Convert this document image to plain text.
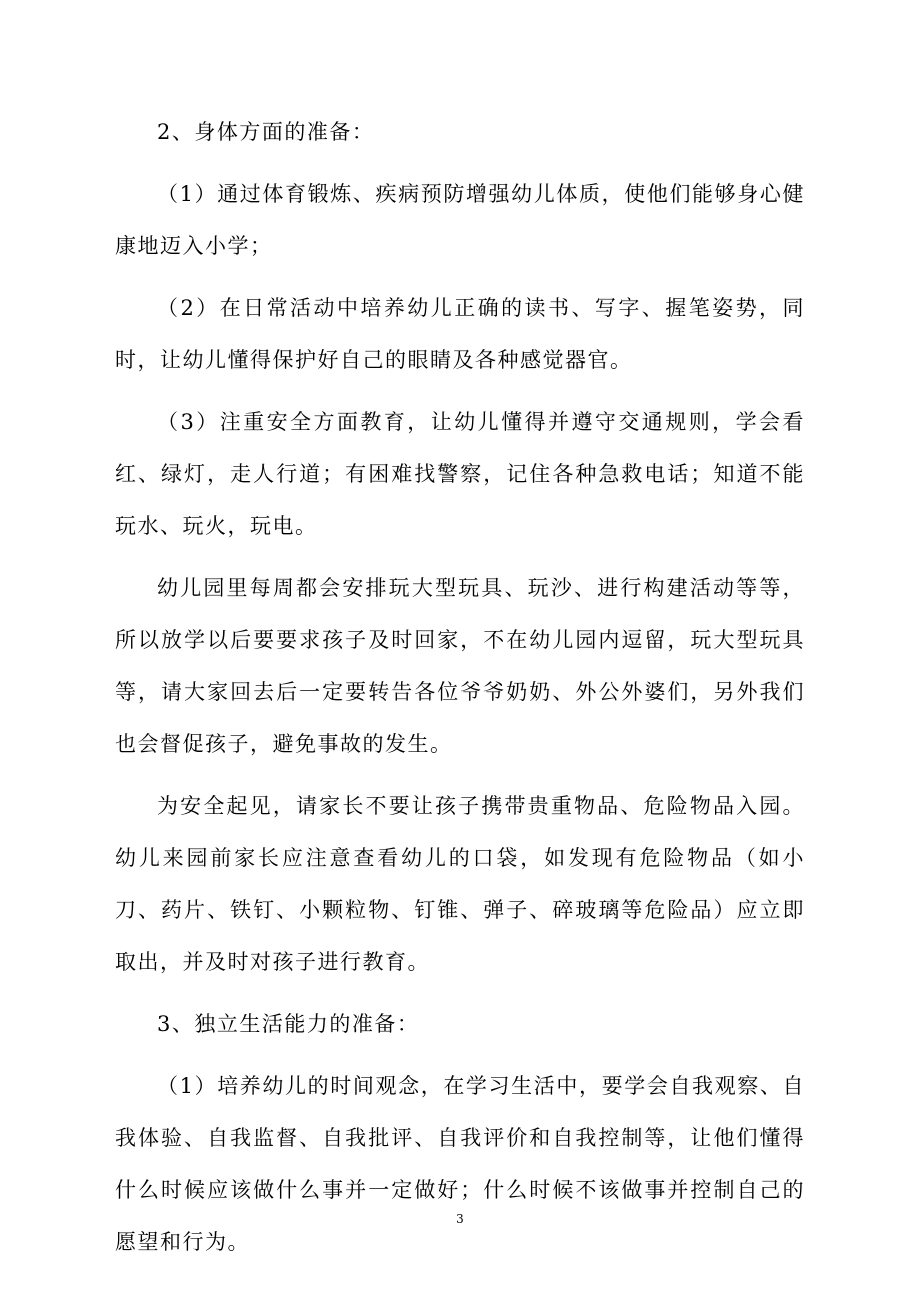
2、身体方面的准备：

（1）通过体育锻炼、疾病预防增强幼儿体质，使他们能够身心健康地迈入小学；

（2）在日常活动中培养幼儿正确的读书、写字、握笔姿势，同时，让幼儿懂得保护好自己的眼睛及各种感觉器官。

（3）注重安全方面教育，让幼儿懂得并遵守交通规则，学会看红、绿灯，走人行道；有困难找警察，记住各种急救电话；知道不能玩水、玩火，玩电。

幼儿园里每周都会安排玩大型玩具、玩沙、进行构建活动等等，所以放学以后要要求孩子及时回家，不在幼儿园内逗留，玩大型玩具等，请大家回去后一定要转告各位爷爷奶奶、外公外婆们，另外我们也会督促孩子，避免事故的发生。

为安全起见，请家长不要让孩子携带贵重物品、危险物品入园。幼儿来园前家长应注意查看幼儿的口袋，如发现有危险物品（如小刀、药片、铁钉、小颗粒物、钉锥、弹子、碎玻璃等危险品）应立即取出，并及时对孩子进行教育。

3、独立生活能力的准备：

（1）培养幼儿的时间观念，在学习生活中，要学会自我观察、自我体验、自我监督、自我批评、自我评价和自我控制等，让他们懂得什么时候应该做什么事并一定做好；什么时候不该做事并控制自己的愿望和行为。

3
